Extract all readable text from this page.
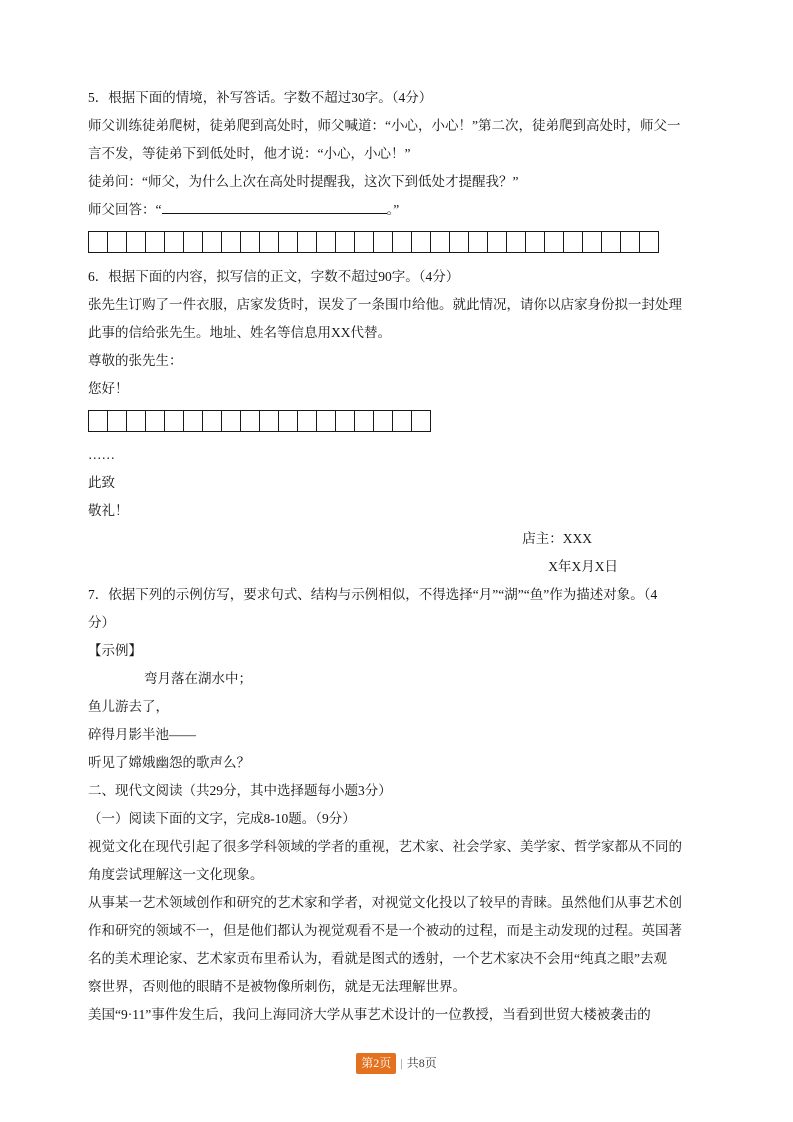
5．根据下面的情境，补写答话。字数不超过30字。（4分）
师父训练徒弟爬树，徒弟爬到高处时，师父喊道：“小心，小心！”第二次，徒弟爬到高处时，师父一
言不发，等徒弟下到低处时，他才说：“小心，小心！”
徒弟问：“师父，为什么上次在高处时提醒我，这次下到低处才提醒我？”
师父回答：“	。”
6．根据下面的内容，拟写信的正文，字数不超过90字。（4分）
张先生订购了一件衣服，店家发货时，误发了一条围巾给他。就此情况，请你以店家身份拟一封处理
此事的信给张先生。地址、姓名等信息用XX代替。
尊敬的张先生：
您好！
……
此致
敬礼！
店主：XXX
X年X月X日
7．依据下列的示例仿写，要求句式、结构与示例相似，不得选择“月”“湖”“鱼”作为描述对象。（4
分）
【示例】
弯月落在湖水中；
鱼儿游去了，
碎得月影半池——
听见了嫦娥幽怨的歌声么？
二、现代文阅读（共29分，其中选择题每小题3分）
（一）阅读下面的文字，完成8-10题。（9分）
视觉文化在现代引起了很多学科领域的学者的重视，艺术家、社会学家、美学家、哲学家都从不同的
角度尝试理解这一文化现象。
从事某一艺术领域创作和研究的艺术家和学者，对视觉文化投以了较早的青睐。虽然他们从事艺术创
作和研究的领域不一，但是他们都认为视觉观看不是一个被动的过程，而是主动发现的过程。英国著
名的美术理论家、艺术家贡布里希认为，看就是图式的透射，一个艺术家决不会用“纯真之眼”去观
察世界，否则他的眼睛不是被物像所刺伤，就是无法理解世界。
美国“9·11”事件发生后，我问上海同济大学从事艺术设计的一位教授，当看到世贸大楼被袭击的
第2页 | 共8页
